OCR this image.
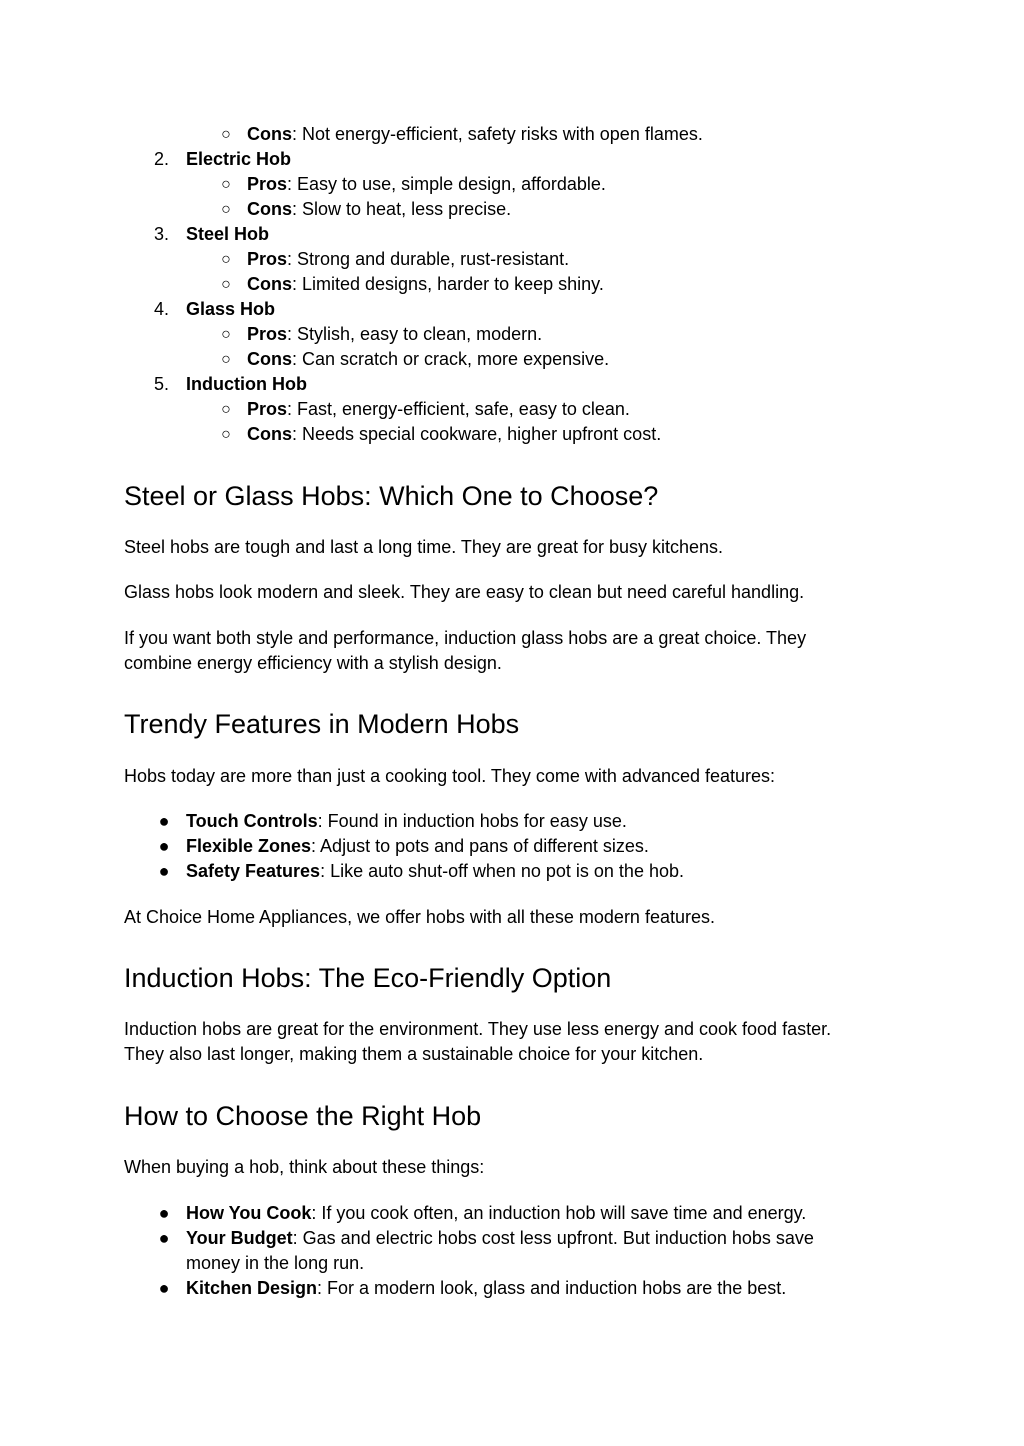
○ Cons: Not energy-efficient, safety risks with open flames.
2. Electric Hob
○ Pros: Easy to use, simple design, affordable.
○ Cons: Slow to heat, less precise.
3. Steel Hob
○ Pros: Strong and durable, rust-resistant.
○ Cons: Limited designs, harder to keep shiny.
4. Glass Hob
○ Pros: Stylish, easy to clean, modern.
○ Cons: Can scratch or crack, more expensive.
5. Induction Hob
○ Pros: Fast, energy-efficient, safe, easy to clean.
○ Cons: Needs special cookware, higher upfront cost.
Steel or Glass Hobs: Which One to Choose?
Steel hobs are tough and last a long time. They are great for busy kitchens.
Glass hobs look modern and sleek. They are easy to clean but need careful handling.
If you want both style and performance, induction glass hobs are a great choice. They
combine energy efficiency with a stylish design.
Trendy Features in Modern Hobs
Hobs today are more than just a cooking tool. They come with advanced features:
● Touch Controls: Found in induction hobs for easy use.
● Flexible Zones: Adjust to pots and pans of different sizes.
● Safety Features: Like auto shut-off when no pot is on the hob.
At Choice Home Appliances, we offer hobs with all these modern features.
Induction Hobs: The Eco-Friendly Option
Induction hobs are great for the environment. They use less energy and cook food faster.
They also last longer, making them a sustainable choice for your kitchen.
How to Choose the Right Hob
When buying a hob, think about these things:
● How You Cook: If you cook often, an induction hob will save time and energy.
● Your Budget: Gas and electric hobs cost less upfront. But induction hobs save
money in the long run.
● Kitchen Design: For a modern look, glass and induction hobs are the best.
